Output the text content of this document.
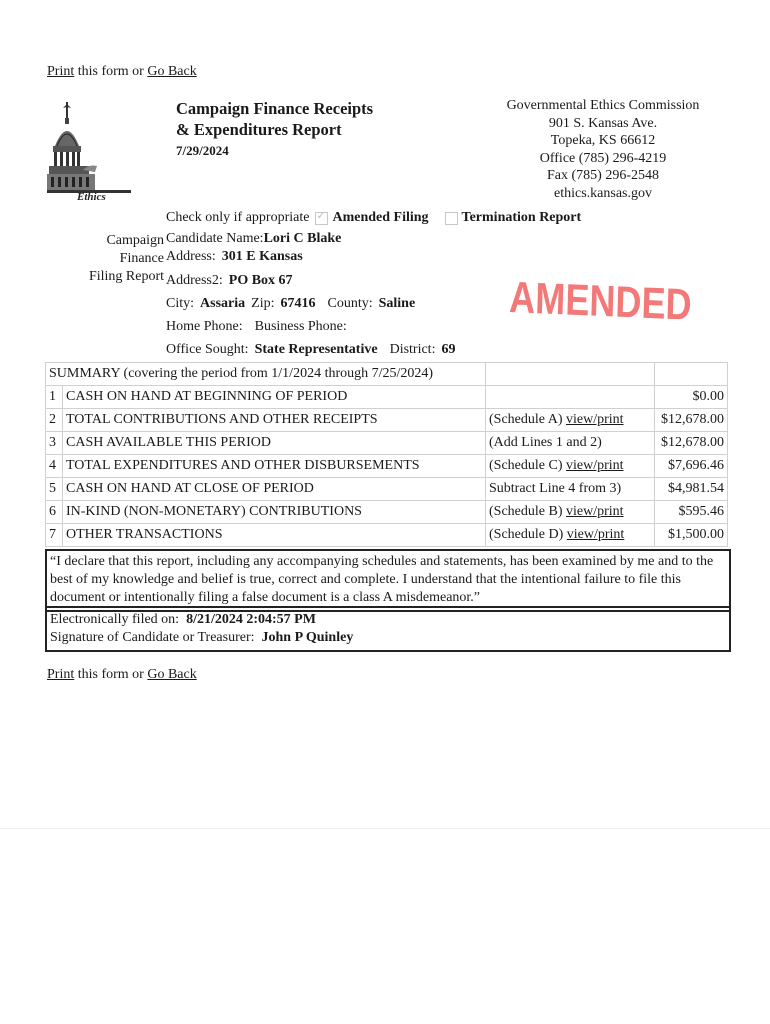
Print this form or Go Back
Ethics
Campaign Finance Receipts
& Expenditures Report
7/29/2024
Governmental Ethics Commission
901 S. Kansas Ave.
Topeka, KS 66612
Office (785) 296-4219
Fax (785) 296-2548
ethics.kansas.gov
Check only if appropriate ✓ Amended Filing Termination Report
Campaign
Finance
Filing Report
Candidate Name:Lori C Blake
Address: 301 E Kansas
Address2: PO Box 67
City: Assaria Zip: 67416 County: Saline
Home Phone: Business Phone:
Office Sought: State Representative District: 69
AMENDED
SUMMARY (covering the period from 1/1/2024 through 7/25/2024)			
1	CASH ON HAND AT BEGINNING OF PERIOD		$0.00
2	TOTAL CONTRIBUTIONS AND OTHER RECEIPTS	(Schedule A) view/print	$12,678.00
3	CASH AVAILABLE THIS PERIOD	(Add Lines 1 and 2)	$12,678.00
4	TOTAL EXPENDITURES AND OTHER DISBURSEMENTS	(Schedule C) view/print	$7,696.46
5	CASH ON HAND AT CLOSE OF PERIOD	Subtract Line 4 from 3)	$4,981.54
6	IN-KIND (NON-MONETARY) CONTRIBUTIONS	(Schedule B) view/print	$595.46
7	OTHER TRANSACTIONS	(Schedule D) view/print	$1,500.00
“I declare that this report, including any accompanying schedules and statements, has been examined by me and to the best of my knowledge and belief is true, correct and complete. I understand that the intentional failure to file this document or intentionally filing a false document is a class A misdemeanor.”
Electronically filed on: 8/21/2024 2:04:57 PM
Signature of Candidate or Treasurer: John P Quinley
Print this form or Go Back
